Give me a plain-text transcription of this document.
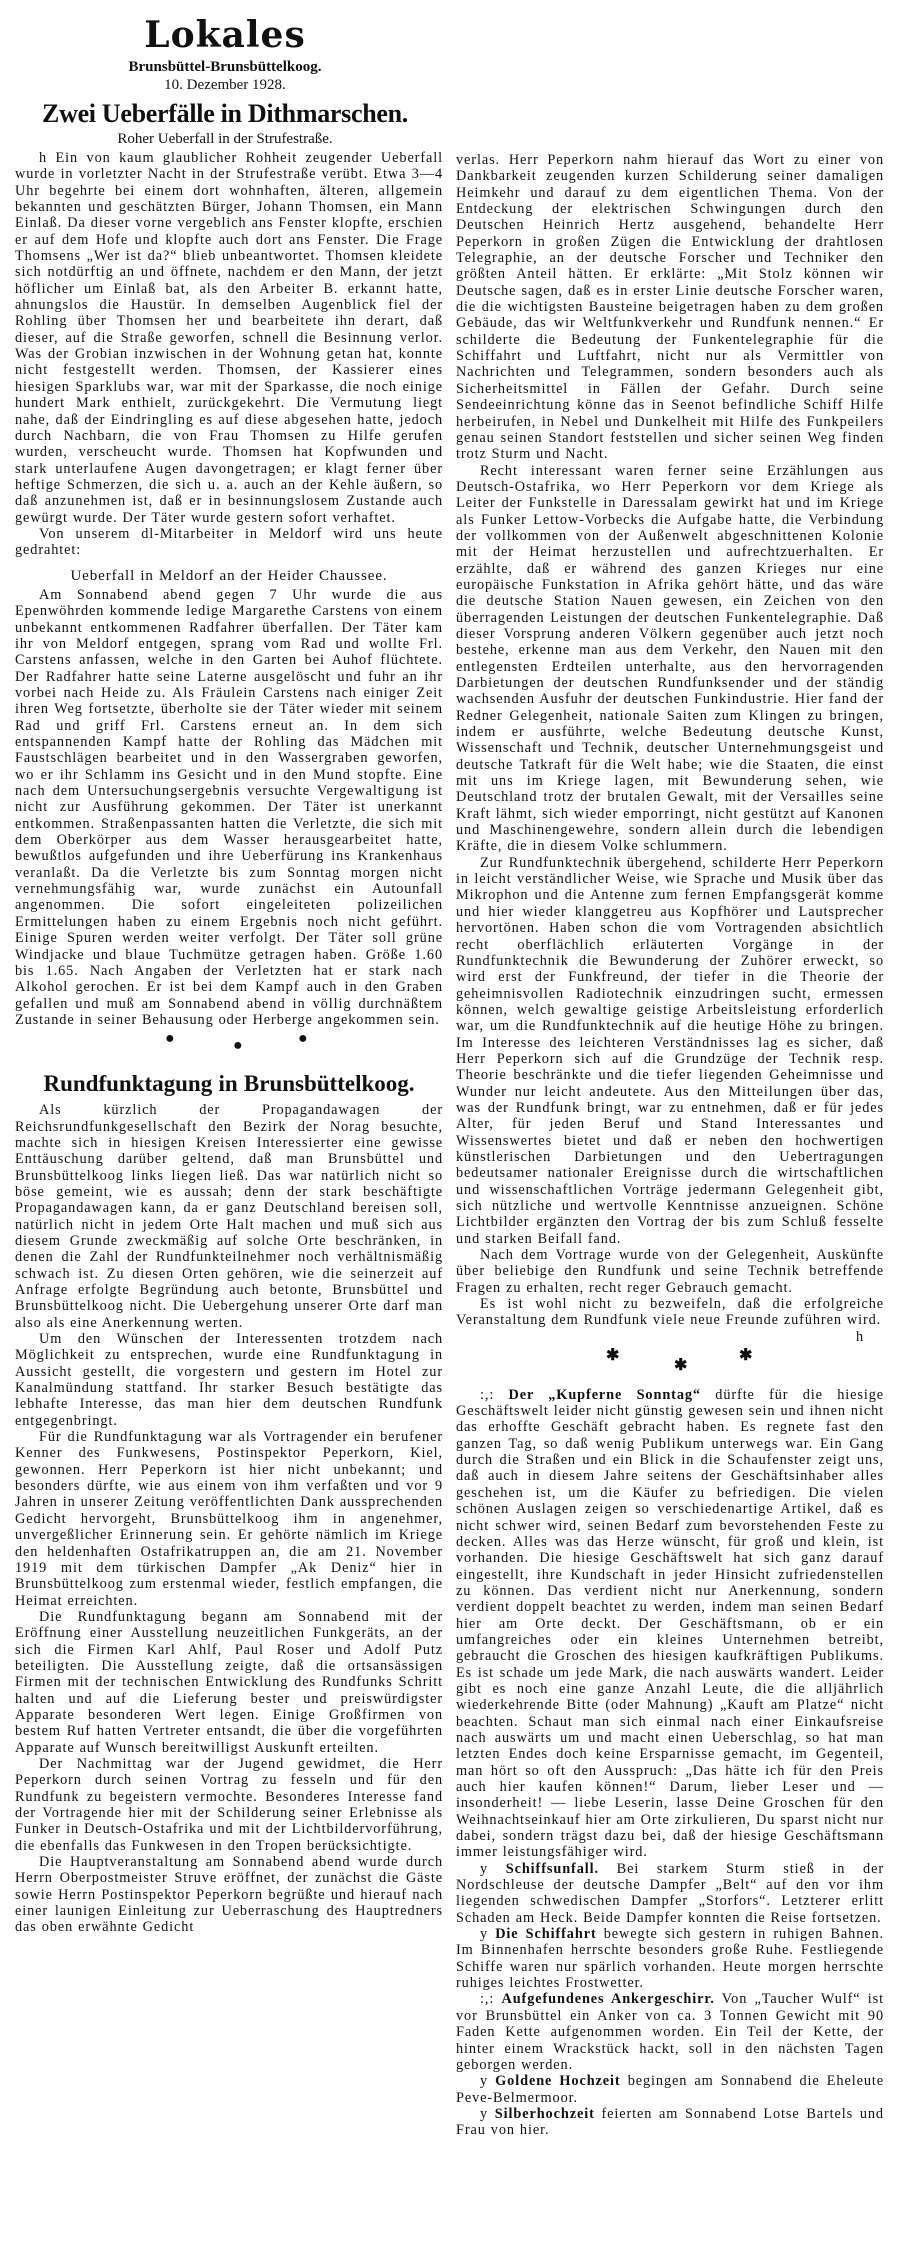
Lokales
Brunsbüttel-Brunsbüttelkoog.
10. Dezember 1928.
Zwei Ueberfälle in Dithmarschen.
Roher Ueberfall in der Strufestraße.

h Ein von kaum glaublicher Rohheit zeugender Ueberfall wurde in vorletzter Nacht in der Strufestraße verübt. Etwa 3—4 Uhr begehrte bei einem dort wohnhaften, älteren, allgemein bekannten und geschätzten Bürger, Johann Thomsen, ein Mann Einlaß. Da dieser vorne vergeblich ans Fenster klopfte, erschien er auf dem Hofe und klopfte auch dort ans Fenster. Die Frage Thomsens „Wer ist da?“ blieb unbeantwortet. Thomsen kleidete sich notdürftig an und öffnete, nachdem er den Mann, der jetzt höflicher um Einlaß bat, als den Arbeiter B. erkannt hatte, ahnungslos die Haustür. In demselben Augenblick fiel der Rohling über Thomsen her und bearbeitete ihn derart, daß dieser, auf die Straße geworfen, schnell die Besinnung verlor. Was der Grobian inzwischen in der Wohnung getan hat, konnte nicht festgestellt werden. Thomsen, der Kassierer eines hiesigen Sparklubs war, war mit der Sparkasse, die noch einige hundert Mark enthielt, zurückgekehrt. Die Vermutung liegt nahe, daß der Eindringling es auf diese abgesehen hatte, jedoch durch Nachbarn, die von Frau Thomsen zu Hilfe gerufen wurden, verscheucht wurde. Thomsen hat Kopfwunden und stark unterlaufene Augen davongetragen; er klagt ferner über heftige Schmerzen, die sich u. a. auch an der Kehle äußern, so daß anzunehmen ist, daß er in besinnungslosem Zustande auch gewürgt wurde. Der Täter wurde gestern sofort verhaftet.

Von unserem dl-Mitarbeiter in Meldorf wird uns heute gedrahtet:

Ueberfall in Meldorf an der Heider Chaussee.

Am Sonnabend abend gegen 7 Uhr wurde die aus Epenwöhrden kommende ledige Margarethe Carstens von einem unbekannt entkommenen Radfahrer überfallen. Der Täter kam ihr von Meldorf entgegen, sprang vom Rad und wollte Frl. Carstens anfassen, welche in den Garten bei Auhof flüchtete. Der Radfahrer hatte seine Laterne ausgelöscht und fuhr an ihr vorbei nach Heide zu. Als Fräulein Carstens nach einiger Zeit ihren Weg fortsetzte, überholte sie der Täter wieder mit seinem Rad und griff Frl. Carstens erneut an. In dem sich entspannenden Kampf hatte der Rohling das Mädchen mit Faustschlägen bearbeitet und in den Wassergraben geworfen, wo er ihr Schlamm ins Gesicht und in den Mund stopfte. Eine nach dem Untersuchungsergebnis versuchte Vergewaltigung ist nicht zur Ausführung gekommen. Der Täter ist unerkannt entkommen. Straßenpassanten hatten die Verletzte, die sich mit dem Oberkörper aus dem Wasser herausgearbeitet hatte, bewußtlos aufgefunden und ihre Ueberfürung ins Krankenhaus veranlaßt. Da die Verletzte bis zum Sonntag morgen nicht vernehmungsfähig war, wurde zunächst ein Autounfall angenommen. Die sofort eingeleiteten polizeilichen Ermittelungen haben zu einem Ergebnis noch nicht geführt. Einige Spuren werden weiter verfolgt. Der Täter soll grüne Windjacke und blaue Tuchmütze getragen haben. Größe 1.60 bis 1.65. Nach Angaben der Verletzten hat er stark nach Alkohol gerochen. Er ist bei dem Kampf auch in den Graben gefallen und muß am Sonnabend abend in völlig durchnäßtem Zustande in seiner Behausung oder Herberge angekommen sein.

●	●	●
Rundfunktagung in Brunsbüttelkoog.

Als kürzlich der Propagandawagen der Reichsrundfunkgesellschaft den Bezirk der Norag besuchte, machte sich in hiesigen Kreisen Interessierter eine gewisse Enttäuschung darüber geltend, daß man Brunsbüttel und Brunsbüttelkoog links liegen ließ. Das war natürlich nicht so böse gemeint, wie es aussah; denn der stark beschäftigte Propagandawagen kann, da er ganz Deutschland bereisen soll, natürlich nicht in jedem Orte Halt machen und muß sich aus diesem Grunde zweckmäßig auf solche Orte beschränken, in denen die Zahl der Rundfunkteilnehmer noch verhältnismäßig schwach ist. Zu diesen Orten gehören, wie die seinerzeit auf Anfrage erfolgte Begründung auch betonte, Brunsbüttel und Brunsbüttelkoog nicht. Die Uebergehung unserer Orte darf man also als eine Anerkennung werten.

Um den Wünschen der Interessenten trotzdem nach Möglichkeit zu entsprechen, wurde eine Rundfunktagung in Aussicht gestellt, die vorgestern und gestern im Hotel zur Kanalmündung stattfand. Ihr starker Besuch bestätigte das lebhafte Interesse, das man hier dem deutschen Rundfunk entgegenbringt.

Für die Rundfunktagung war als Vortragender ein berufener Kenner des Funkwesens, Postinspektor Peperkorn, Kiel, gewonnen. Herr Peperkorn ist hier nicht unbekannt; und besonders dürfte, wie aus einem von ihm verfaßten und vor 9 Jahren in unserer Zeitung veröffentlichten Dank aussprechenden Gedicht hervorgeht, Brunsbüttelkoog ihm in angenehmer, unvergeßlicher Erinnerung sein. Er gehörte nämlich im Kriege den heldenhaften Ostafrikatruppen an, die am 21. November 1919 mit dem türkischen Dampfer „Ak Deniz“ hier in Brunsbüttelkoog zum erstenmal wieder, festlich empfangen, die Heimat erreichten.

Die Rundfunktagung begann am Sonnabend mit der Eröffnung einer Ausstellung neuzeitlichen Funkgeräts, an der sich die Firmen Karl Ahlf, Paul Roser und Adolf Putz beteiligten. Die Ausstellung zeigte, daß die ortsansässigen Firmen mit der technischen Entwicklung des Rundfunks Schritt halten und auf die Lieferung bester und preiswürdigster Apparate besonderen Wert legen. Einige Großfirmen von bestem Ruf hatten Vertreter entsandt, die über die vorgeführten Apparate auf Wunsch bereitwilligst Auskunft erteilten.

Der Nachmittag war der Jugend gewidmet, die Herr Peperkorn durch seinen Vortrag zu fesseln und für den Rundfunk zu begeistern vermochte. Besonderes Interesse fand der Vortragende hier mit der Schilderung seiner Erlebnisse als Funker in Deutsch-Ostafrika und mit der Lichtbildervorführung, die ebenfalls das Funkwesen in den Tropen berücksichtigte.

Die Hauptveranstaltung am Sonnabend abend wurde durch Herrn Oberpostmeister Struve eröffnet, der zunächst die Gäste sowie Herrn Postinspektor Peperkorn begrüßte und hierauf nach einer launigen Einleitung zur Ueberraschung des Hauptredners das oben erwähnte Gedicht

verlas. Herr Peperkorn nahm hierauf das Wort zu einer von Dankbarkeit zeugenden kurzen Schilderung seiner damaligen Heimkehr und darauf zu dem eigentlichen Thema. Von der Entdeckung der elektrischen Schwingungen durch den Deutschen Heinrich Hertz ausgehend, behandelte Herr Peperkorn in großen Zügen die Entwicklung der drahtlosen Telegraphie, an der deutsche Forscher und Techniker den größten Anteil hätten. Er erklärte: „Mit Stolz können wir Deutsche sagen, daß es in erster Linie deutsche Forscher waren, die die wichtigsten Bausteine beigetragen haben zu dem großen Gebäude, das wir Weltfunkverkehr und Rundfunk nennen.“ Er schilderte die Bedeutung der Funkentelegraphie für die Schiffahrt und Luftfahrt, nicht nur als Vermittler von Nachrichten und Telegrammen, sondern besonders auch als Sicherheitsmittel in Fällen der Gefahr. Durch seine Sendeeinrichtung könne das in Seenot befindliche Schiff Hilfe herbeirufen, in Nebel und Dunkelheit mit Hilfe des Funkpeilers genau seinen Standort feststellen und sicher seinen Weg finden trotz Sturm und Nacht.

Recht interessant waren ferner seine Erzählungen aus Deutsch-Ostafrika, wo Herr Peperkorn vor dem Kriege als Leiter der Funkstelle in Daressalam gewirkt hat und im Kriege als Funker Lettow-Vorbecks die Aufgabe hatte, die Verbindung der vollkommen von der Außenwelt abgeschnittenen Kolonie mit der Heimat herzustellen und aufrechtzuerhalten. Er erzählte, daß er während des ganzen Krieges nur eine europäische Funkstation in Afrika gehört hätte, und das wäre die deutsche Station Nauen gewesen, ein Zeichen von den überragenden Leistungen der deutschen Funkentelegraphie. Daß dieser Vorsprung anderen Völkern gegenüber auch jetzt noch bestehe, erkenne man aus dem Verkehr, den Nauen mit den entlegensten Erdteilen unterhalte, aus den hervorragenden Darbietungen der deutschen Rundfunksender und der ständig wachsenden Ausfuhr der deutschen Funkindustrie. Hier fand der Redner Gelegenheit, nationale Saiten zum Klingen zu bringen, indem er ausführte, welche Bedeutung deutsche Kunst, Wissenschaft und Technik, deutscher Unternehmungsgeist und deutsche Tatkraft für die Welt habe; wie die Staaten, die einst mit uns im Kriege lagen, mit Bewunderung sehen, wie Deutschland trotz der brutalen Gewalt, mit der Versailles seine Kraft lähmt, sich wieder emporringt, nicht gestützt auf Kanonen und Maschinengewehre, sondern allein durch die lebendigen Kräfte, die in diesem Volke schlummern.

Zur Rundfunktechnik übergehend, schilderte Herr Peperkorn in leicht verständlicher Weise, wie Sprache und Musik über das Mikrophon und die Antenne zum fernen Empfangsgerät komme und hier wieder klanggetreu aus Kopfhörer und Lautsprecher hervortönen. Haben schon die vom Vortragenden absichtlich recht oberflächlich erläuterten Vorgänge in der Rundfunktechnik die Bewunderung der Zuhörer erweckt, so wird erst der Funkfreund, der tiefer in die Theorie der geheimnisvollen Radiotechnik einzudringen sucht, ermessen können, welch gewaltige geistige Arbeitsleistung erforderlich war, um die Rundfunktechnik auf die heutige Höhe zu bringen. Im Interesse des leichteren Verständnisses lag es sicher, daß Herr Peperkorn sich auf die Grundzüge der Technik resp. Theorie beschränkte und die tiefer liegenden Geheimnisse und Wunder nur leicht andeutete. Aus den Mitteilungen über das, was der Rundfunk bringt, war zu entnehmen, daß er für jedes Alter, für jeden Beruf und Stand Interessantes und Wissenswertes bietet und daß er neben den hochwertigen künstlerischen Darbietungen und den Uebertragungen bedeutsamer nationaler Ereignisse durch die wirtschaftlichen und wissenschaftlichen Vorträge jedermann Gelegenheit gibt, sich nützliche und wertvolle Kenntnisse anzueignen. Schöne Lichtbilder ergänzten den Vortrag der bis zum Schluß fesselte und starken Beifall fand.

Nach dem Vortrage wurde von der Gelegenheit, Auskünfte über beliebige den Rundfunk und seine Technik betreffende Fragen zu erhalten, recht reger Gebrauch gemacht.

Es ist wohl nicht zu bezweifeln, daß die erfolgreiche Veranstaltung dem Rundfunk viele neue Freunde zuführen wird.

h
✱
✱
✱

:,: Der „Kupferne Sonntag“ dürfte für die hiesige Geschäftswelt leider nicht günstig gewesen sein und ihnen nicht das erhoffte Geschäft gebracht haben. Es regnete fast den ganzen Tag, so daß wenig Publikum unterwegs war. Ein Gang durch die Straßen und ein Blick in die Schaufenster zeigt uns, daß auch in diesem Jahre seitens der Geschäftsinhaber alles geschehen ist, um die Käufer zu befriedigen. Die vielen schönen Auslagen zeigen so verschiedenartige Artikel, daß es nicht schwer wird, seinen Bedarf zum bevorstehenden Feste zu decken. Alles was das Herze wünscht, für groß und klein, ist vorhanden. Die hiesige Geschäftswelt hat sich ganz darauf eingestellt, ihre Kundschaft in jeder Hinsicht zufriedenstellen zu können. Das verdient nicht nur Anerkennung, sondern verdient doppelt beachtet zu werden, indem man seinen Bedarf hier am Orte deckt. Der Geschäftsmann, ob er ein umfangreiches oder ein kleines Unternehmen betreibt, gebraucht die Groschen des hiesigen kaufkräftigen Publikums. Es ist schade um jede Mark, die nach auswärts wandert. Leider gibt es noch eine ganze Anzahl Leute, die die alljährlich wiederkehrende Bitte (oder Mahnung) „Kauft am Platze“ nicht beachten. Schaut man sich einmal nach einer Einkaufsreise nach auswärts um und macht einen Ueberschlag, so hat man letzten Endes doch keine Ersparnisse gemacht, im Gegenteil, man hört so oft den Ausspruch: „Das hätte ich für den Preis auch hier kaufen können!“ Darum, lieber Leser und — insonderheit! — liebe Leserin, lasse Deine Groschen für den Weihnachtseinkauf hier am Orte zirkulieren, Du sparst nicht nur dabei, sondern trägst dazu bei, daß der hiesige Geschäftsmann immer leistungsfähiger wird.

y Schiffsunfall. Bei starkem Sturm stieß in der Nordschleuse der deutsche Dampfer „Belt“ auf den vor ihm liegenden schwedischen Dampfer „Storfors“. Letzterer erlitt Schaden am Heck. Beide Dampfer konnten die Reise fortsetzen.

y Die Schiffahrt bewegte sich gestern in ruhigen Bahnen. Im Binnenhafen herrschte besonders große Ruhe. Festliegende Schiffe waren nur spärlich vorhanden. Heute morgen herrschte ruhiges leichtes Frostwetter.

:,: Aufgefundenes Ankergeschirr. Von „Taucher Wulf“ ist vor Brunsbüttel ein Anker von ca. 3 Tonnen Gewicht mit 90 Faden Kette aufgenommen worden. Ein Teil der Kette, der hinter einem Wrackstück hackt, soll in den nächsten Tagen geborgen werden.

y Goldene Hochzeit begingen am Sonnabend die Eheleute Peve-Belmermoor.

y Silberhochzeit feierten am Sonnabend Lotse Bartels und Frau von hier.
